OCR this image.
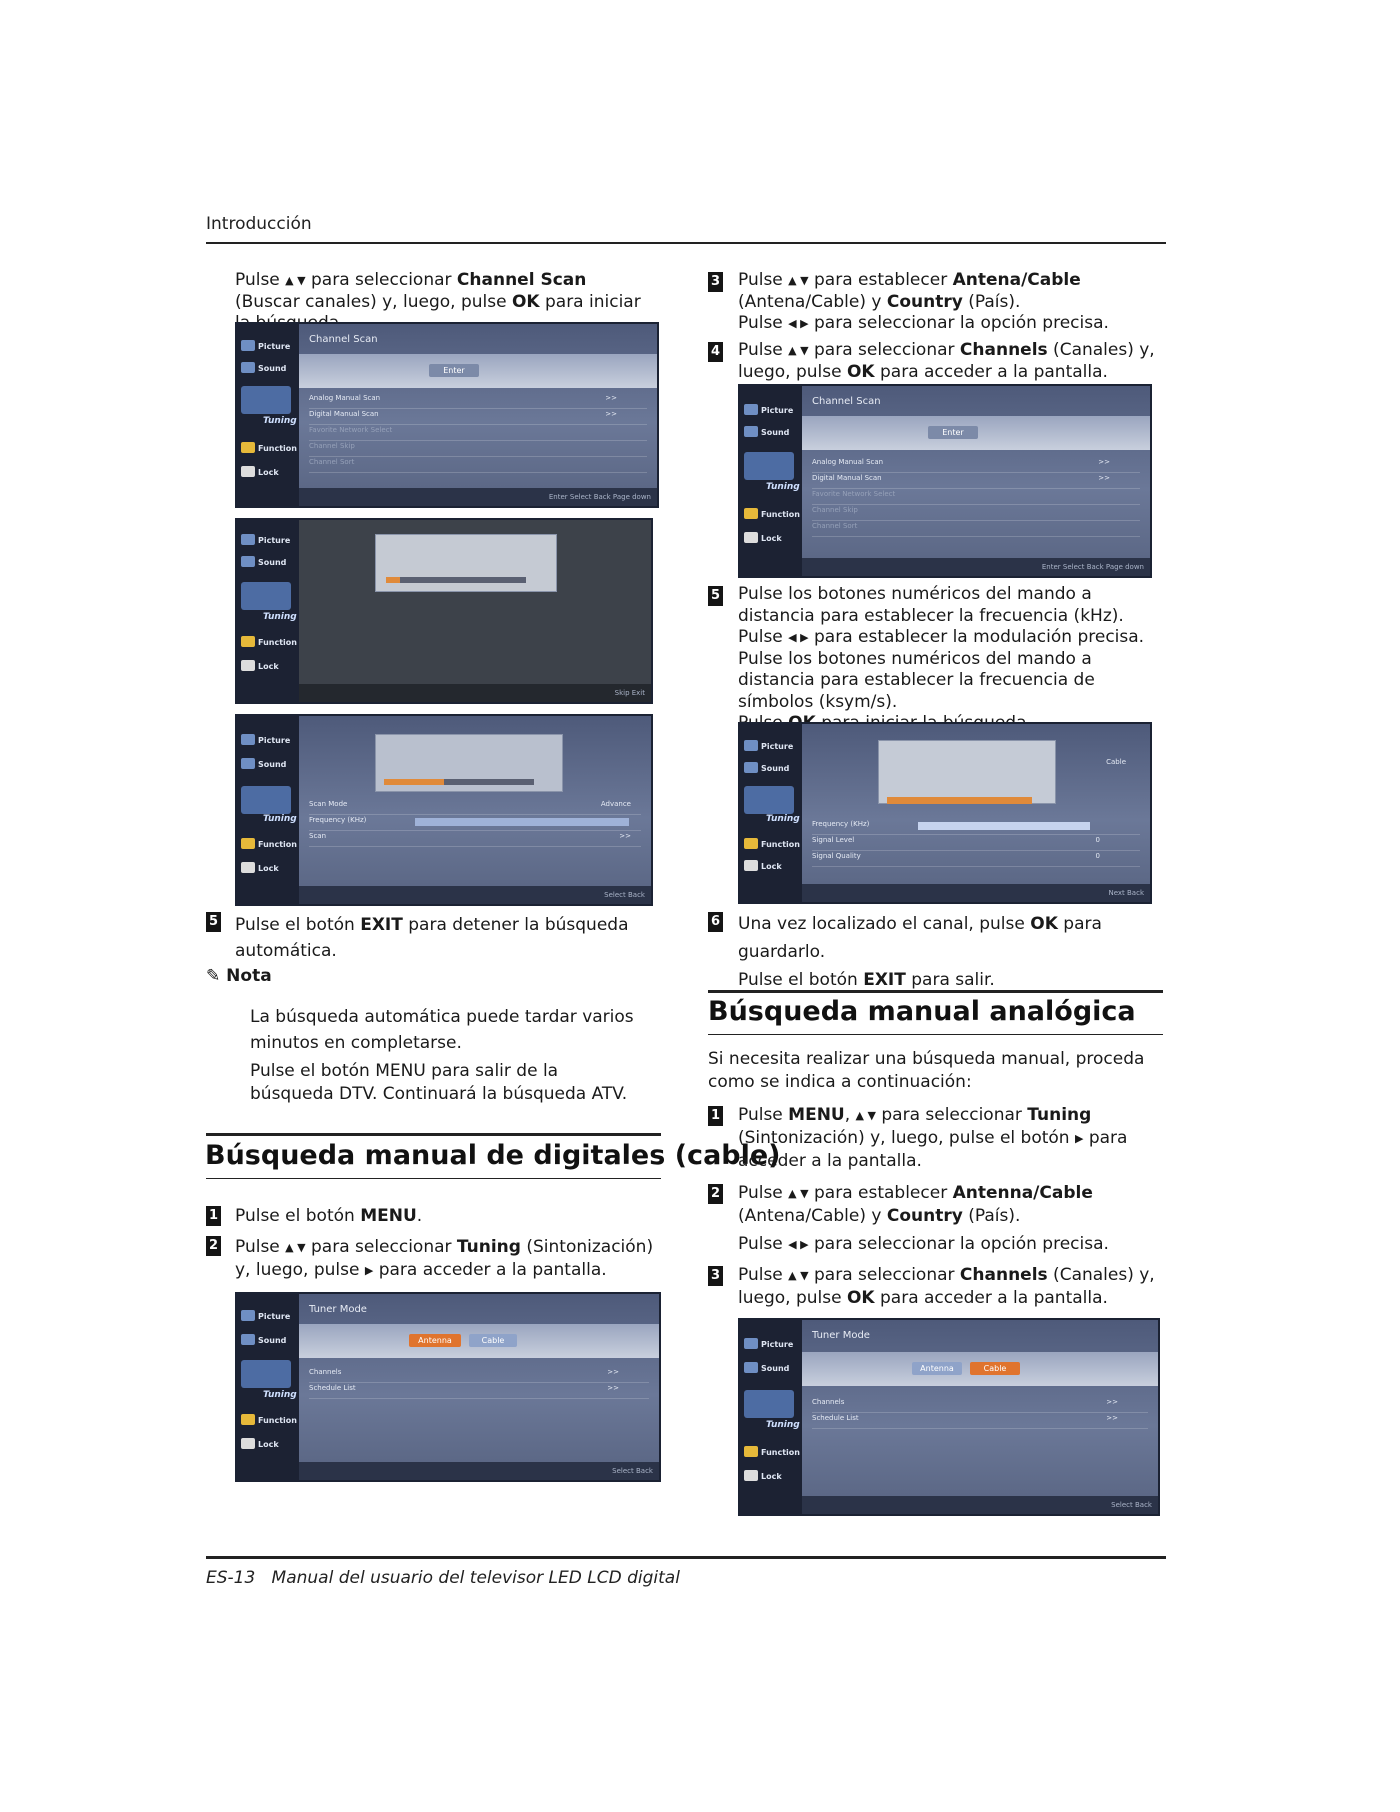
Introducción
Pulse ▲ ▼ para seleccionar Channel Scan (Buscar canales) y, luego, pulse OK para iniciar
Picture
Sound
Tuning
Function
Lock
Channel Scan
Enter
Analog Manual Scan	>>
Digital Manual Scan	>>
Favorite Network Select
Channel Skip
Channel Sort
Enter Select Back Page down
Picture
Sound
Tuning
Function
Lock
Skip Exit
Picture
Sound
Tuning
Function
Lock
Scan Mode	Advance
Frequency (KHz)
Scan	>>
Select Back
5 Pulse el botón EXIT para detener la búsqueda automática.
✎ Nota
La búsqueda automática puede tardar varios minutos en completarse.
Pulse el botón MENU para salir de la búsqueda DTV. Continuará la búsqueda ATV.
Búsqueda manual de digitales (cable)
1 Pulse el botón MENU.
2 Pulse ▲ ▼ para seleccionar Tuning (Sintonización) y, luego, pulse ▶ para acceder a la pantalla.
Picture
Sound
Tuning
Function
Lock
Tuner Mode
Antenna	Cable
Channels	>>
Schedule List	>>
Select Back
3 Pulse ▲ ▼ para establecer Antena/Cable (Antena/Cable) y Country (País).
Pulse ◀ ▶ para seleccionar la opción precisa.
4 Pulse ▲ ▼ para seleccionar Channels (Canales) y, luego, pulse OK para acceder a la pantalla.
Picture
Sound
Tuning
Function
Lock
Channel Scan
Enter
Analog Manual Scan	>>
Digital Manual Scan	>>
Favorite Network Select
Channel Skip
Channel Sort
Enter Select Back Page down
5 Pulse los botones numéricos del mando a distancia para establecer la frecuencia (kHz).
Pulse ◀ ▶ para establecer la modulación precisa.
Pulse los botones numéricos del mando a distancia para establecer la frecuencia de símbolos (ksym/s).

Picture
Sound
Tuning
Function
Lock
Cable
Frequency (KHz)
Signal Level	0
Signal Quality	0
Next Back
6 Una vez localizado el canal, pulse OK para guardarlo.
Pulse el botón EXIT para salir.
Búsqueda manual analógica
Si necesita realizar una búsqueda manual, proceda como se indica a continuación:
1 Pulse MENU, ▲ ▼ para seleccionar Tuning (Sintonización) y, luego, pulse el botón ▶ para acceder a la pantalla.
2 Pulse ▲ ▼ para establecer Antenna/Cable (Antena/Cable) y Country (País).
Pulse ◀ ▶ para seleccionar la opción precisa.
3 Pulse ▲ ▼ para seleccionar Channels (Canales) y, luego, pulse OK para acceder a la pantalla.
Picture
Sound
Tuning
Function
Lock
Tuner Mode
Antenna	Cable
Channels	>>
Schedule List	>>
Select Back
ES-13 Manual del usuario del televisor LED LCD digital
